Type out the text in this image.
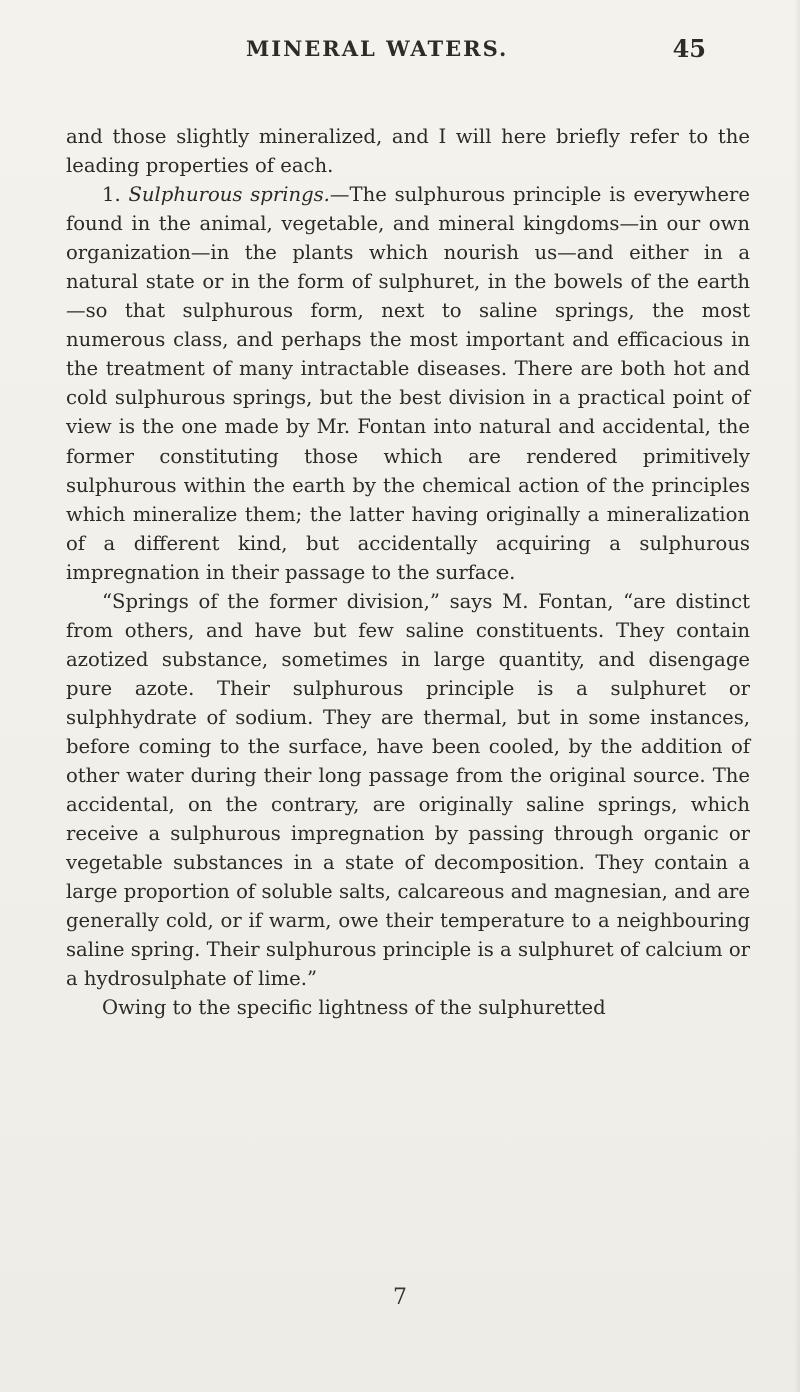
MINERAL WATERS.	45

and those slightly mineralized, and I will here briefly refer to the leading properties of each.

1. Sulphurous springs.—The sulphurous principle is everywhere found in the animal, vegetable, and mineral kingdoms—in our own organization—in the plants which nourish us—and either in a natural state or in the form of sulphuret, in the bowels of the earth—so that sulphurous form, next to saline springs, the most numerous class, and perhaps the most important and efficacious in the treatment of many intractable diseases. There are both hot and cold sulphurous springs, but the best division in a practical point of view is the one made by Mr. Fontan into natural and accidental, the former constituting those which are rendered primitively sulphurous within the earth by the chemical action of the principles which mineralize them; the latter having originally a mineralization of a different kind, but accidentally acquiring a sulphurous impregnation in their passage to the surface.

“Springs of the former division,” says M. Fontan, “are distinct from others, and have but few saline constituents. They contain azotized substance, sometimes in large quantity, and disengage pure azote. Their sulphurous principle is a sulphuret or sulphhydrate of sodium. They are thermal, but in some instances, before coming to the surface, have been cooled, by the addition of other water during their long passage from the original source. The accidental, on the contrary, are originally saline springs, which receive a sulphurous impregnation by passing through organic or vegetable substances in a state of decomposition. They contain a large proportion of soluble salts, calcareous and magnesian, and are generally cold, or if warm, owe their temperature to a neighbouring saline spring. Their sulphurous principle is a sulphuret of calcium or a hydrosulphate of lime.”

Owing to the specific lightness of the sulphuretted

7
